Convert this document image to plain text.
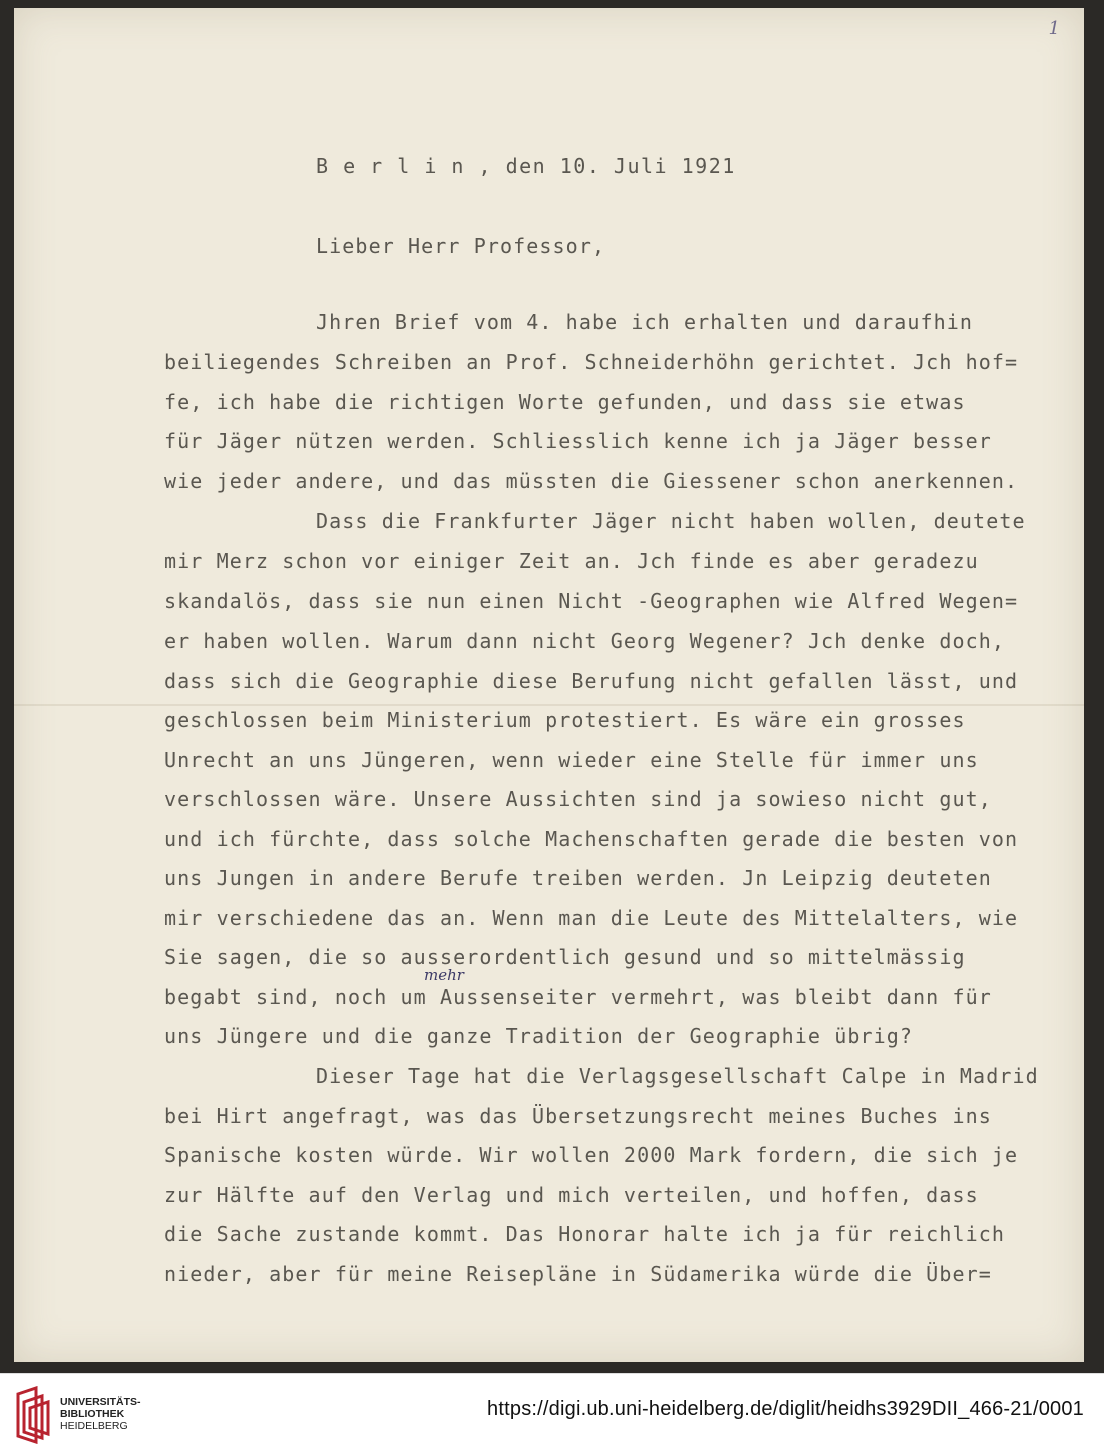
1
B e r l i n , den 10. Juli 1921
Lieber Herr Professor,
Jhren Brief vom 4. habe ich erhalten und daraufhin
beiliegendes Schreiben an Prof. Schneiderhöhn gerichtet. Jch hof=
fe, ich habe die richtigen Worte gefunden, und dass sie etwas
für Jäger nützen werden. Schliesslich kenne ich ja Jäger besser
wie jeder andere, und das müssten die Giessener schon anerkennen.
Dass die Frankfurter Jäger nicht haben wollen, deutete
mir Merz schon vor einiger Zeit an. Jch finde es aber geradezu
skandalös, dass sie nun einen Nicht -Geographen wie Alfred Wegen=
er haben wollen. Warum dann nicht Georg Wegener? Jch denke doch,
dass sich die Geographie diese Berufung nicht gefallen lässt, und
geschlossen beim Ministerium protestiert. Es wäre ein grosses
Unrecht an uns Jüngeren, wenn wieder eine Stelle für immer uns
verschlossen wäre. Unsere Aussichten sind ja sowieso nicht gut,
und ich fürchte, dass solche Machenschaften gerade die besten von
uns Jungen in andere Berufe treiben werden. Jn Leipzig deuteten
mir verschiedene das an. Wenn man die Leute des Mittelalters, wie
Sie sagen, die so ausserordentlich gesund und so mittelmässig
begabt sind, noch um Aussenseiter vermehrt, was bleibt dann für
uns Jüngere und die ganze Tradition der Geographie übrig?
Dieser Tage hat die Verlagsgesellschaft Calpe in Madrid
bei Hirt angefragt, was das Übersetzungsrecht meines Buches ins
Spanische kosten würde. Wir wollen 2000 Mark fordern, die sich je
zur Hälfte auf den Verlag und mich verteilen, und hoffen, dass
die Sache zustande kommt. Das Honorar halte ich ja für reichlich
nieder, aber für meine Reisepläne in Südamerika würde die Über=
mehr
UNIVERSITÄTS-
BIBLIOTHEK
HEIDELBERG
https://digi.ub.uni-heidelberg.de/diglit/heidhs3929DII_466-21/0001
